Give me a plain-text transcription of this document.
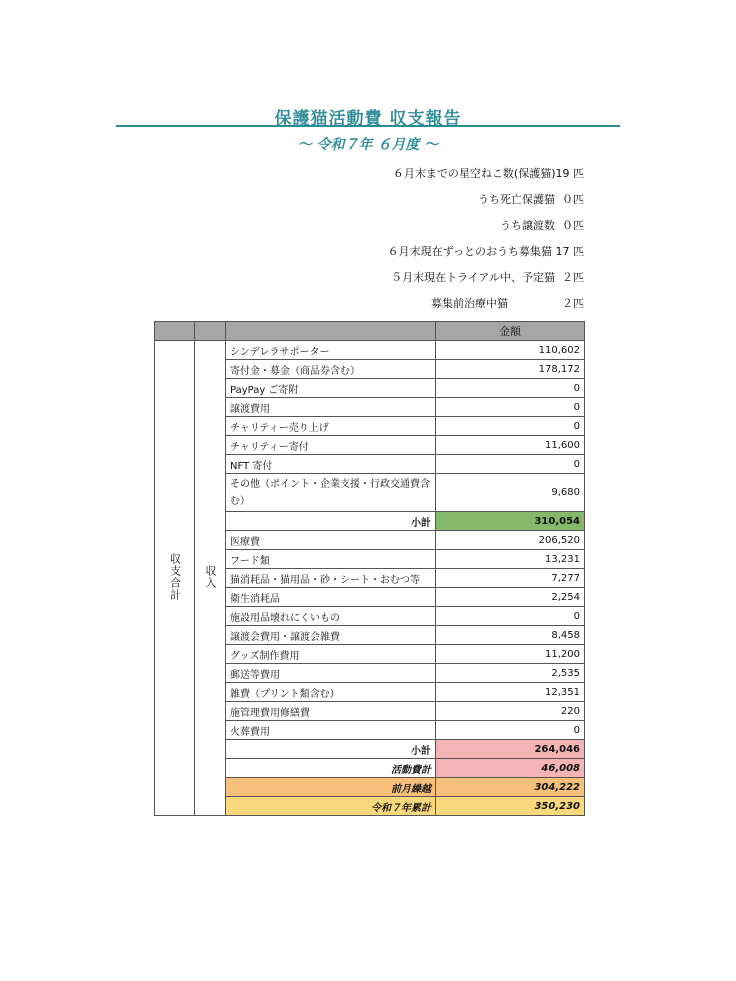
保護猫活動費 収支報告
～ 令和７年 ６月度 ～
６月末までの星空ねこ数(保護猫)19 匹
うち死亡保護猫 ０匹
うち譲渡数 ０匹
６月末現在ずっとのおうち募集猫 17 匹
５月末現在トライアル中、予定猫 ２匹
募集前治療中猫	２匹
			金額
収支合計	収入	シンデレラサポーター	110,602
		寄付金・募金（商品券含む）	178,172
		PayPay ご寄附	0
		譲渡費用	0
		チャリティー売り上げ	0
		チャリティー寄付	11,600
		NFT 寄付	0
		その他（ポイント・企業支援・行政交通費含む）	9,680
		小計	310,054
		医療費	206,520
		フード類	13,231
		猫消耗品・猫用品・砂・シート・おむつ等	7,277
		衛生消耗品	2,254
		施設用品壊れにくいもの	0
		譲渡会費用・譲渡会雑費	8,458
		グッズ制作費用	11,200
		郵送等費用	2,535
		雑費（プリント類含む）	12,351
		施管理費用修繕費	220
		火葬費用	0
		小計	264,046
		活動費計	46,008
		前月繰越	304,222
		令和７年累計	350,230
